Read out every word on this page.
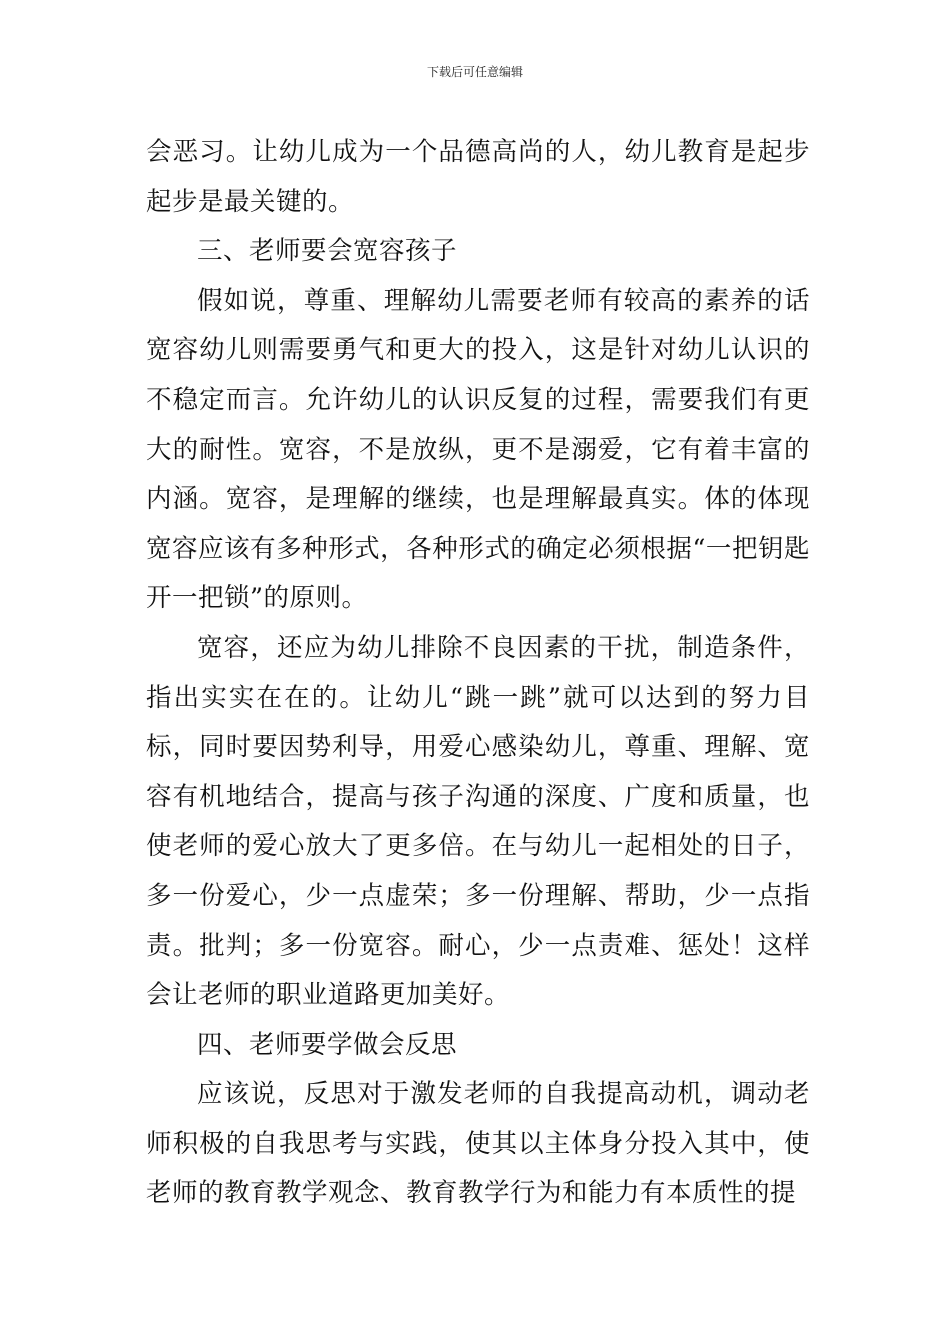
下载后可任意编辑

会恶习。让幼儿成为一个品德高尚的人，幼儿教育是起步起步是最关键的。

三、老师要会宽容孩子

假如说，尊重、理解幼儿需要老师有较高的素养的话宽容幼儿则需要勇气和更大的投入，这是针对幼儿认识的不稳定而言。允许幼儿的认识反复的过程，需要我们有更大的耐性。宽容，不是放纵，更不是溺爱，它有着丰富的内涵。宽容，是理解的继续，也是理解最真实。体的体现宽容应该有多种形式，各种形式的确定必须根据“一把钥匙开一把锁”的原则。

宽容，还应为幼儿排除不良因素的干扰，制造条件，指出实实在在的。让幼儿“跳一跳”就可以达到的努力目标，同时要因势利导，用爱心感染幼儿，尊重、理解、宽容有机地结合，提高与孩子沟通的深度、广度和质量，也使老师的爱心放大了更多倍。在与幼儿一起相处的日子，多一份爱心，少一点虚荣；多一份理解、帮助，少一点指责。批判；多一份宽容。耐心，少一点责难、惩处！这样会让老师的职业道路更加美好。

四、老师要学做会反思

应该说，反思对于激发老师的自我提高动机，调动老师积极的自我思考与实践，使其以主体身分投入其中，使老师的教育教学观念、教育教学行为和能力有本质性的提
